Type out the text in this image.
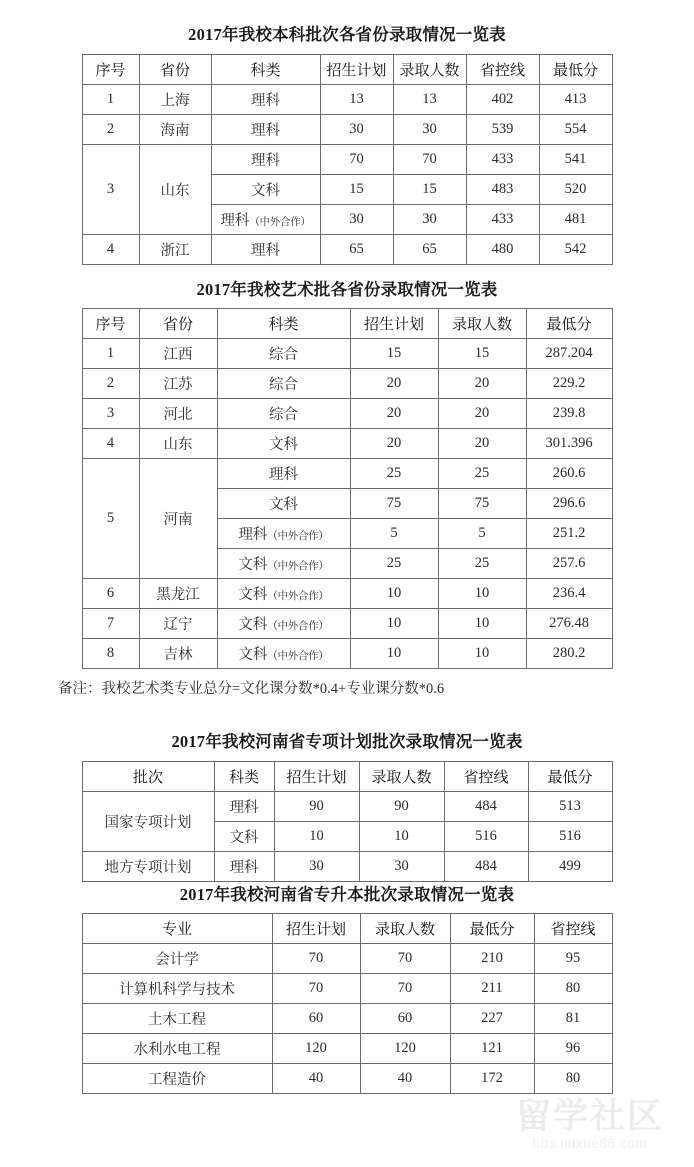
2017年我校本科批次各省份录取情况一览表
序号	省份	科类	招生计划	录取人数	省控线	最低分
1	上海	理科	13	13	402	413
2	海南	理科	30	30	539	554
3	山东	理科	70	70	433	541
		文科	15	15	483	520
		理科（中外合作）	30	30	433	481
4	浙江	理科	65	65	480	542
2017年我校艺术批各省份录取情况一览表
序号	省份	科类	招生计划	录取人数	最低分
1	江西	综合	15	15	287.204
2	江苏	综合	20	20	229.2
3	河北	综合	20	20	239.8
4	山东	文科	20	20	301.396
5	河南	理科	25	25	260.6
		文科	75	75	296.6
		理科（中外合作）	5	5	251.2
		文科（中外合作）	25	25	257.6
6	黑龙江	文科（中外合作）	10	10	236.4
7	辽宁	文科（中外合作）	10	10	276.48
8	吉林	文科（中外合作）	10	10	280.2
备注：我校艺术类专业总分=文化课分数*0.4+专业课分数*0.6
2017年我校河南省专项计划批次录取情况一览表
批次	科类	招生计划	录取人数	省控线	最低分
国家专项计划	理科	90	90	484	513
	文科	10	10	516	516
地方专项计划	理科	30	30	484	499
2017年我校河南省专升本批次录取情况一览表
专业	招生计划	录取人数	最低分	省控线
会计学	70	70	210	95
计算机科学与技术	70	70	211	80
土木工程	60	60	227	81
水利水电工程	120	120	121	96
工程造价	40	40	172	80
留学社区
bbs.liuxue86.com
